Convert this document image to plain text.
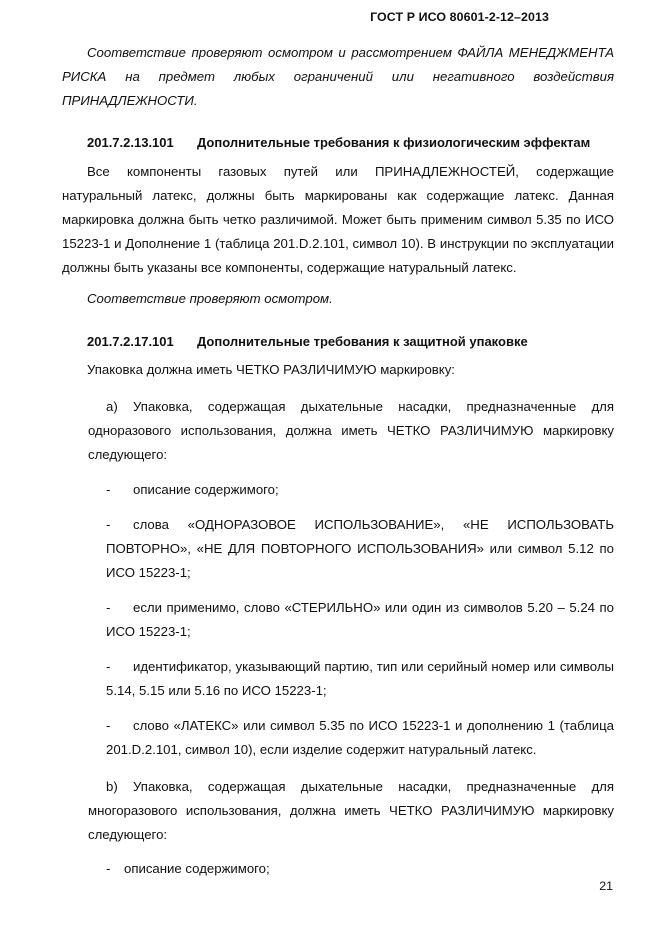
ГОСТ Р ИСО 80601-2-12–2013
Соответствие проверяют осмотром и рассмотрением ФАЙЛА МЕНЕДЖМЕНТА РИСКА на предмет любых ограничений или негативного воздействия ПРИНАДЛЕЖНОСТИ.
201.7.2.13.101 Дополнительные требования к физиологическим эффектам
Все компоненты газовых путей или ПРИНАДЛЕЖНОСТЕЙ, содержащие натуральный латекс, должны быть маркированы как содержащие латекс. Данная маркировка должна быть четко различимой. Может быть применим символ 5.35 по ИСО 15223-1 и Дополнение 1 (таблица 201.D.2.101, символ 10). В инструкции по эксплуатации должны быть указаны все компоненты, содержащие натуральный латекс.
Соответствие проверяют осмотром.
201.7.2.17.101 Дополнительные требования к защитной упаковке
Упаковка должна иметь ЧЕТКО РАЗЛИЧИМУЮ маркировку:
a) Упаковка, содержащая дыхательные насадки, предназначенные для одноразового использования, должна иметь ЧЕТКО РАЗЛИЧИМУЮ маркировку следующего:
- описание содержимого;
- слова «ОДНОРАЗОВОЕ ИСПОЛЬЗОВАНИЕ», «НЕ ИСПОЛЬЗОВАТЬ ПОВТОРНО», «НЕ ДЛЯ ПОВТОРНОГО ИСПОЛЬЗОВАНИЯ» или символ 5.12 по ИСО 15223-1;
- если применимо, слово «СТЕРИЛЬНО» или один из символов 5.20 – 5.24 по ИСО 15223-1;
- идентификатор, указывающий партию, тип или серийный номер или символы 5.14, 5.15 или 5.16 по ИСО 15223-1;
- слово «ЛАТЕКС» или символ 5.35 по ИСО 15223-1 и дополнению 1 (таблица 201.D.2.101, символ 10), если изделие содержит натуральный латекс.
b) Упаковка, содержащая дыхательные насадки, предназначенные для многоразового использования, должна иметь ЧЕТКО РАЗЛИЧИМУЮ маркировку следующего:
- описание содержимого;
21
